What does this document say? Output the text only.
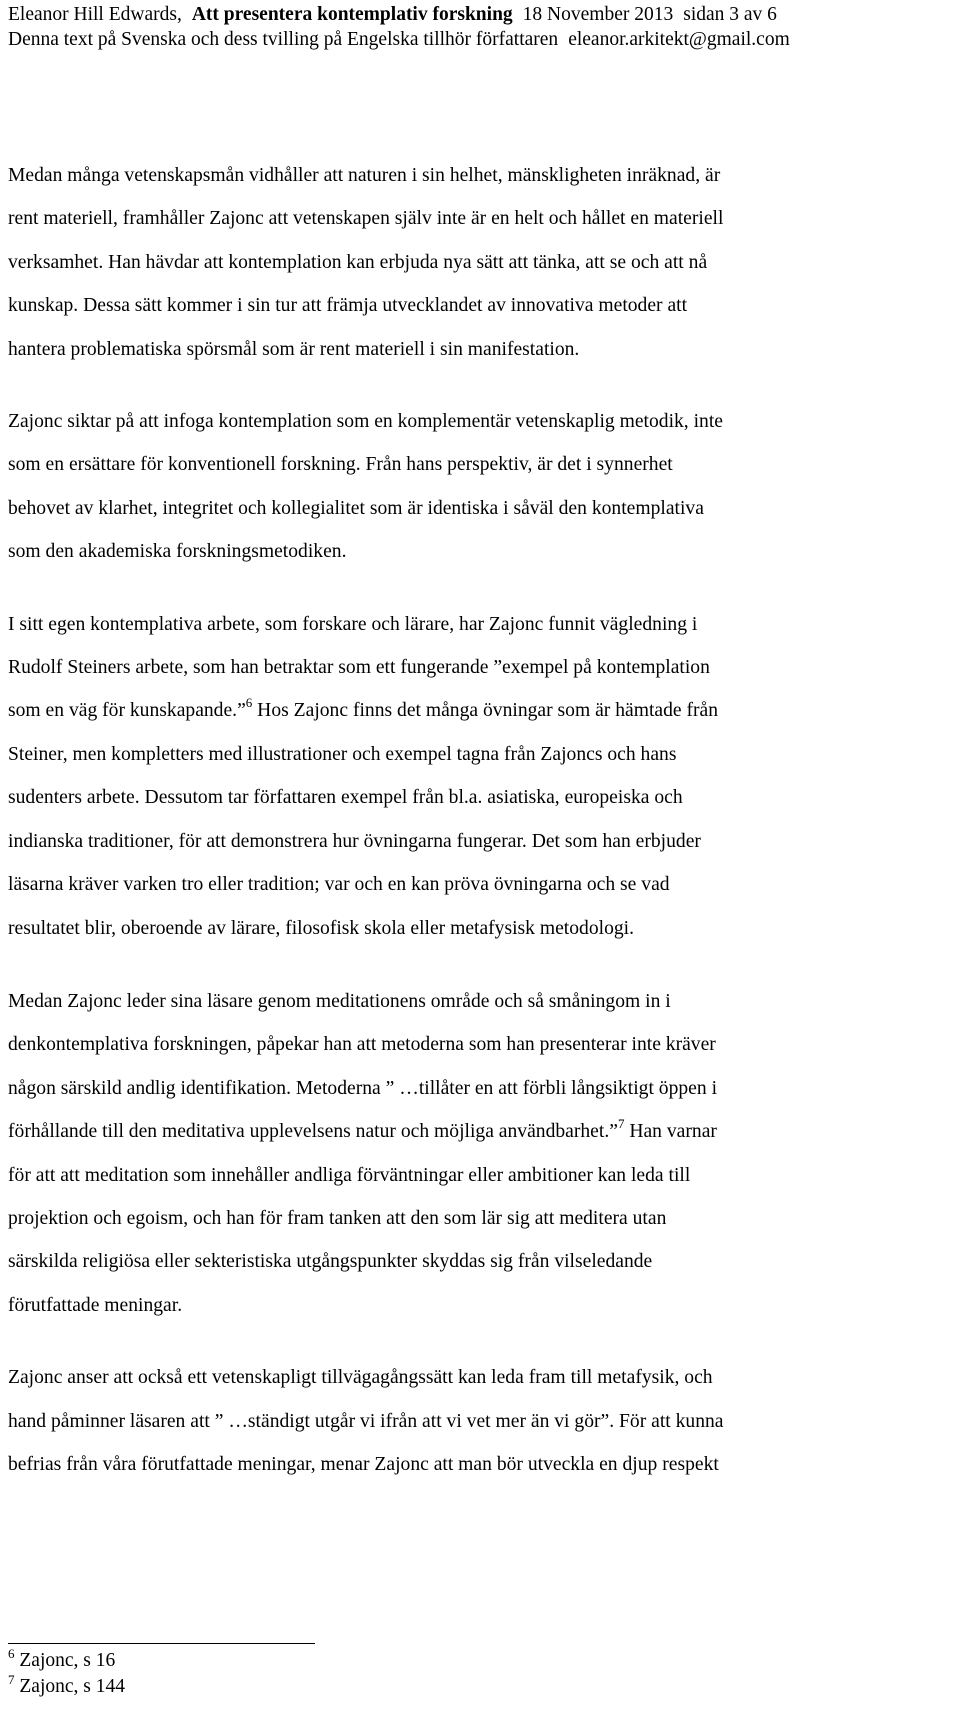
Eleanor Hill Edwards, Att presentera kontemplativ forskning 18 November 2013 sidan 3 av 6
Denna text på Svenska och dess tvilling på Engelska tillhör författaren eleanor.arkitekt@gmail.com

Medan många vetenskapsmån vidhåller att naturen i sin helhet, mänskligheten inräknad, är
rent materiell, framhåller Zajonc att vetenskapen själv inte är en helt och hållet en materiell
verksamhet. Han hävdar att kontemplation kan erbjuda nya sätt att tänka, att se och att nå
kunskap. Dessa sätt kommer i sin tur att främja utvecklandet av innovativa metoder att
hantera problematiska spörsmål som är rent materiell i sin manifestation.

Zajonc siktar på att infoga kontemplation som en komplementär vetenskaplig metodik, inte
som en ersättare för konventionell forskning. Från hans perspektiv, är det i synnerhet
behovet av klarhet, integritet och kollegialitet som är identiska i såväl den kontemplativa
som den akademiska forskningsmetodiken.

I sitt egen kontemplativa arbete, som forskare och lärare, har Zajonc funnit vägledning i
Rudolf Steiners arbete, som han betraktar som ett fungerande ”exempel på kontemplation
som en väg för kunskapande.”$^6$ Hos Zajonc finns det många övningar som är hämtade från
Steiner, men kompletters med illustrationer och exempel tagna från Zajoncs och hans
sudenters arbete. Dessutom tar författaren exempel från bl.a. asiatiska, europeiska och
indianska traditioner, för att demonstrera hur övningarna fungerar. Det som han erbjuder
läsarna kräver varken tro eller tradition; var och en kan pröva övningarna och se vad
resultatet blir, oberoende av lärare, filosofisk skola eller metafysisk metodologi.

Medan Zajonc leder sina läsare genom meditationens område och så småningom in i
denkontemplativa forskningen, påpekar han att metoderna som han presenterar inte kräver
någon särskild andlig identifikation. Metoderna ” …tillåter en att förbli långsiktigt öppen i
förhållande till den meditativa upplevelsens natur och möjliga användbarhet.”$^7$ Han varnar
för att att meditation som innehåller andliga förväntningar eller ambitioner kan leda till
projektion och egoism, och han för fram tanken att den som lär sig att meditera utan
särskilda religiösa eller sekteristiska utgångspunkter skyddas sig från vilseledande
förutfattade meningar.

Zajonc anser att också ett vetenskapligt tillvägagångssätt kan leda fram till metafysik, och
hand påminner läsaren att ” …ständigt utgår vi ifrån att vi vet mer än vi gör”. För att kunna
befrias från våra förutfattade meningar, menar Zajonc att man bör utveckla en djup respekt

$^6$ Zajonc, s 16
$^7$ Zajonc, s 144
